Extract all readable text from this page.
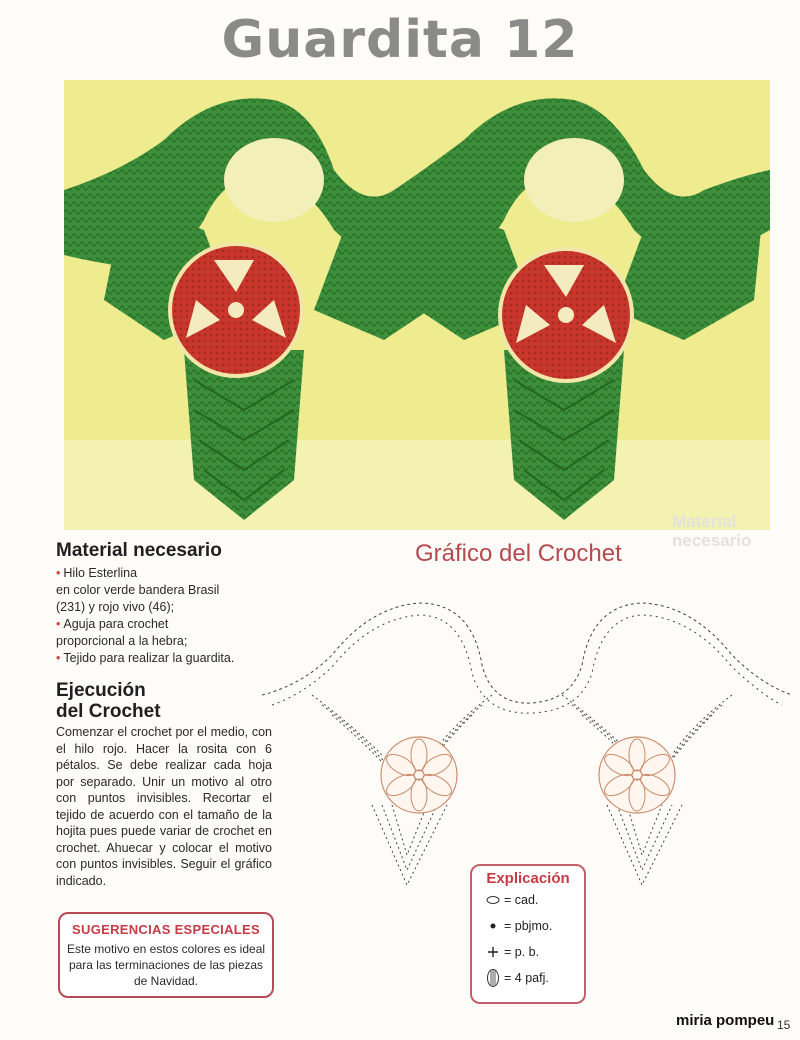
Guardita 12
Material
necesario
Material necesario
• Hilo Esterlina
en color verde bandera Brasil
(231) y rojo vivo (46);
• Aguja para crochet
proporcional a la hebra;
• Tejido para realizar la guardita.
Ejecución
del Crochet
Comenzar el crochet por el medio, con el hilo rojo. Hacer la rosita con 6 pétalos. Se debe realizar cada hoja por separado. Unir un motivo al otro con puntos invisibles. Recortar el tejido de acuerdo con el tamaño de la hojita pues puede variar de crochet en crochet. Ahuecar y colocar el motivo con puntos invisibles. Seguir el gráfico indicado.
SUGERENCIAS ESPECIALES
Este motivo en estos colores es ideal para las terminaciones de las piezas de Navidad.
Gráfico del Crochet
Explicación
= cad.
= pbjmo.
= p. b.
= 4 pafj.
miria pompeu 15
